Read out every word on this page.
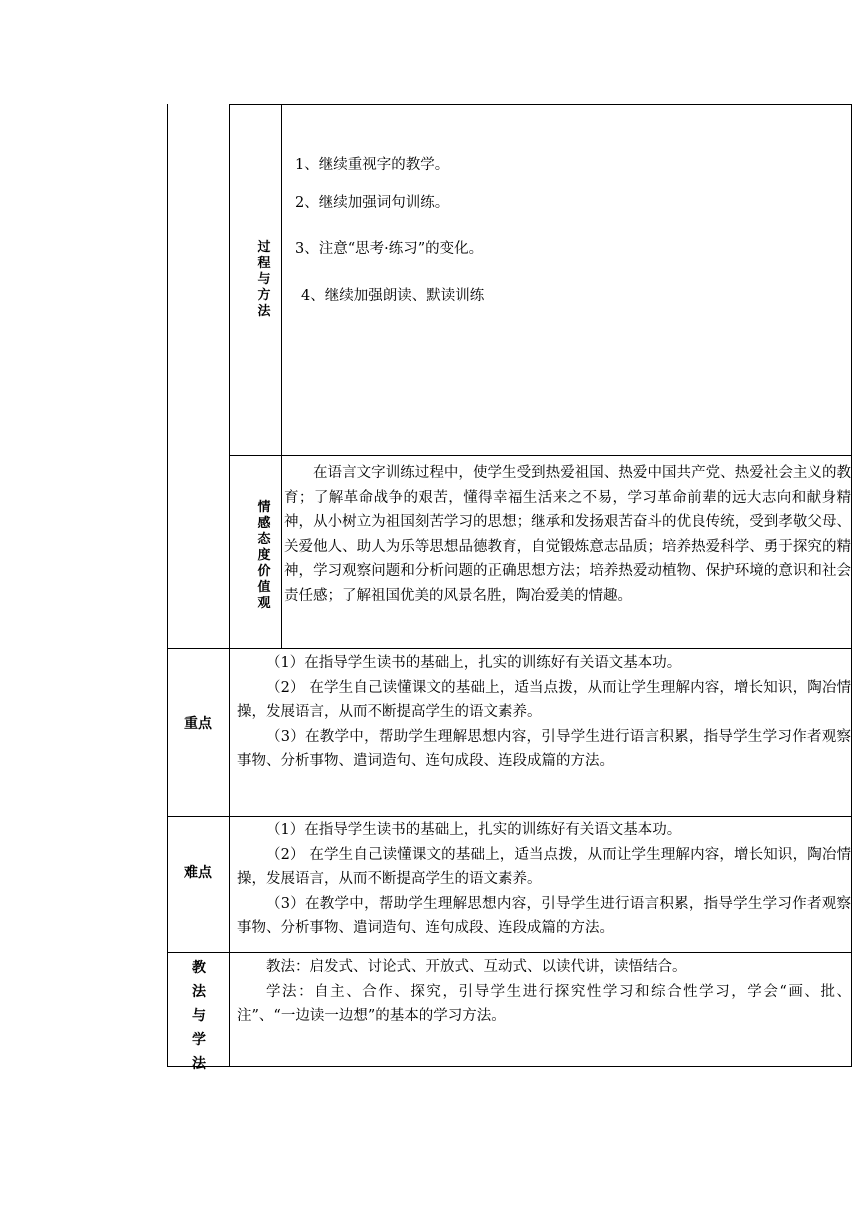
过程与方法
1、继续重视字的教学。
2、继续加强词句训练。
3、注意“思考·练习”的变化。
4、继续加强朗读、默读训练
情感态度价值观

在语言文字训练过程中，使学生受到热爱祖国、热爱中国共产党、热爱社会主义的教育；了解革命战争的艰苦，懂得幸福生活来之不易，学习革命前辈的远大志向和献身精神，从小树立为祖国刻苦学习的思想；继承和发扬艰苦奋斗的优良传统，受到孝敬父母、关爱他人、助人为乐等思想品德教育，自觉锻炼意志品质；培养热爱科学、勇于探究的精神，学习观察问题和分析问题的正确思想方法；培养热爱动植物、保护环境的意识和社会责任感；了解祖国优美的风景名胜，陶冶爱美的情趣。

重点

（1）在指导学生读书的基础上，扎实的训练好有关语文基本功。

（2） 在学生自己读懂课文的基础上，适当点拨，从而让学生理解内容，增长知识，陶冶情操，发展语言，从而不断提高学生的语文素养。

（3）在教学中，帮助学生理解思想内容，引导学生进行语言积累，指导学生学习作者观察事物、分析事物、遣词造句、连句成段、连段成篇的方法。

难点

（1）在指导学生读书的基础上，扎实的训练好有关语文基本功。

（2） 在学生自己读懂课文的基础上，适当点拨，从而让学生理解内容，增长知识，陶冶情操，发展语言，从而不断提高学生的语文素养。

（3）在教学中，帮助学生理解思想内容，引导学生进行语言积累，指导学生学习作者观察事物、分析事物、遣词造句、连句成段、连段成篇的方法。

教法与学法

教法：启发式、讨论式、开放式、互动式、以读代讲，读悟结合。

学法：自主、合作、探究，引导学生进行探究性学习和综合性学习，学会“画、批、注”、“一边读一边想”的基本的学习方法。
